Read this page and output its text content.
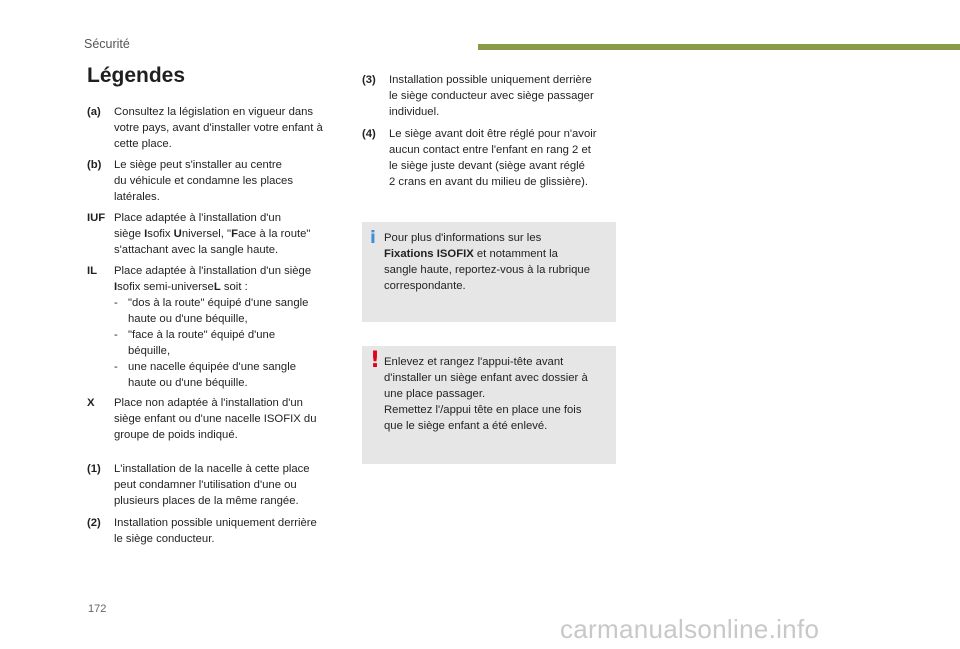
Sécurité
Légendes
(a) Consultez la législation en vigueur dans
votre pays, avant d'installer votre enfant à
cette place.
(b) Le siège peut s'installer au centre
du véhicule et condamne les places
latérales.
IUF Place adaptée à l'installation d'un
siège Isofix Universel, "Face à la route"
s'attachant avec la sangle haute.
IL Place adaptée à l'installation d'un siège
Isofix semi-universeL soit :
- "dos à la route" équipé d'une sangle
haute ou d'une béquille,
- "face à la route" équipé d'une
béquille,
- une nacelle équipée d'une sangle
haute ou d'une béquille.
X Place non adaptée à l'installation d'un
siège enfant ou d'une nacelle ISOFIX du
groupe de poids indiqué.
(1) L'installation de la nacelle à cette place
peut condamner l'utilisation d'une ou
plusieurs places de la même rangée.
(2) Installation possible uniquement derrière
le siège conducteur.
(3) Installation possible uniquement derrière
le siège conducteur avec siège passager
individuel.
(4) Le siège avant doit être réglé pour n'avoir
aucun contact entre l'enfant en rang 2 et
le siège juste devant (siège avant réglé
2 crans en avant du milieu de glissière).
i Pour plus d'informations sur les
Fixations ISOFIX et notamment la
sangle haute, reportez-vous à la rubrique
correspondante.
! Enlevez et rangez l'appui-tête avant
d'installer un siège enfant avec dossier à
une place passager.
Remettez l'/appui tête en place une fois
que le siège enfant a été enlevé.
172
carmanualsonline.info
